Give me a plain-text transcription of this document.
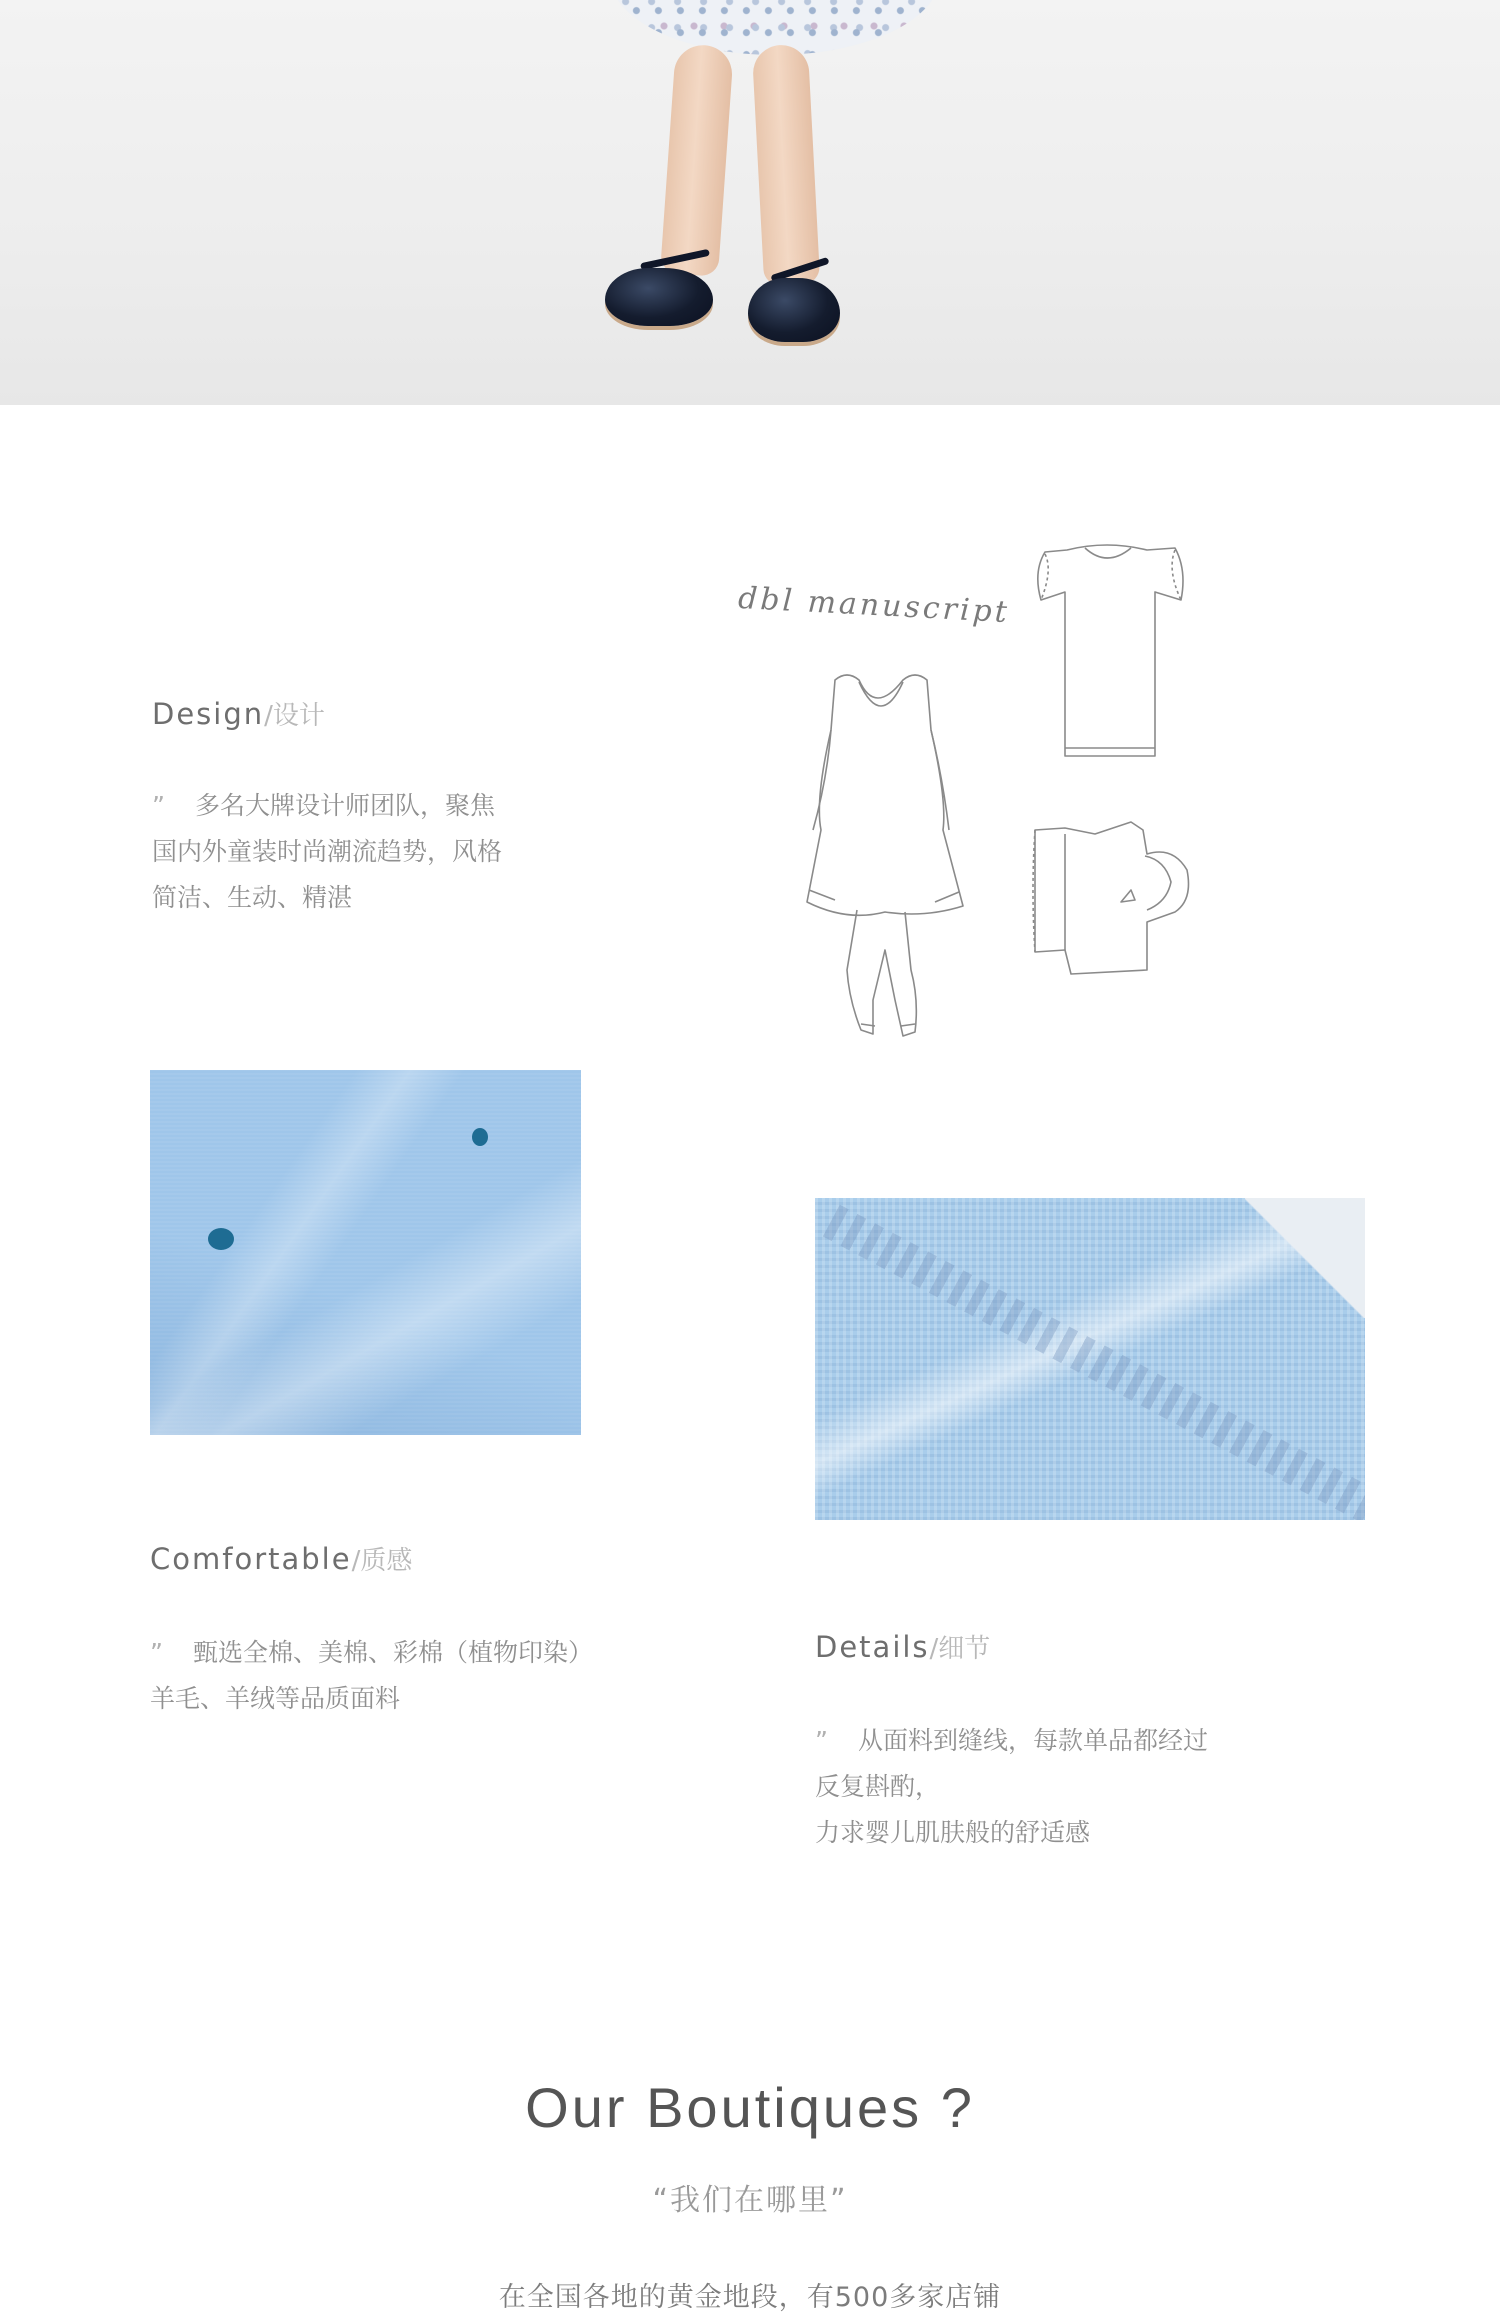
Design/设计
” 多名大牌设计师团队，聚焦
国内外童装时尚潮流趋势，风格
简洁、生动、精湛
dbl manuscript
Comfortable/质感
” 甄选全棉、美棉、彩棉（植物印染）
羊毛、羊绒等品质面料
Details/细节
” 从面料到缝线，每款单品都经过
反复斟酌，
力求婴儿肌肤般的舒适感
Our Boutiques ?
“我们在哪里”
在全国各地的黄金地段，有500多家店铺
